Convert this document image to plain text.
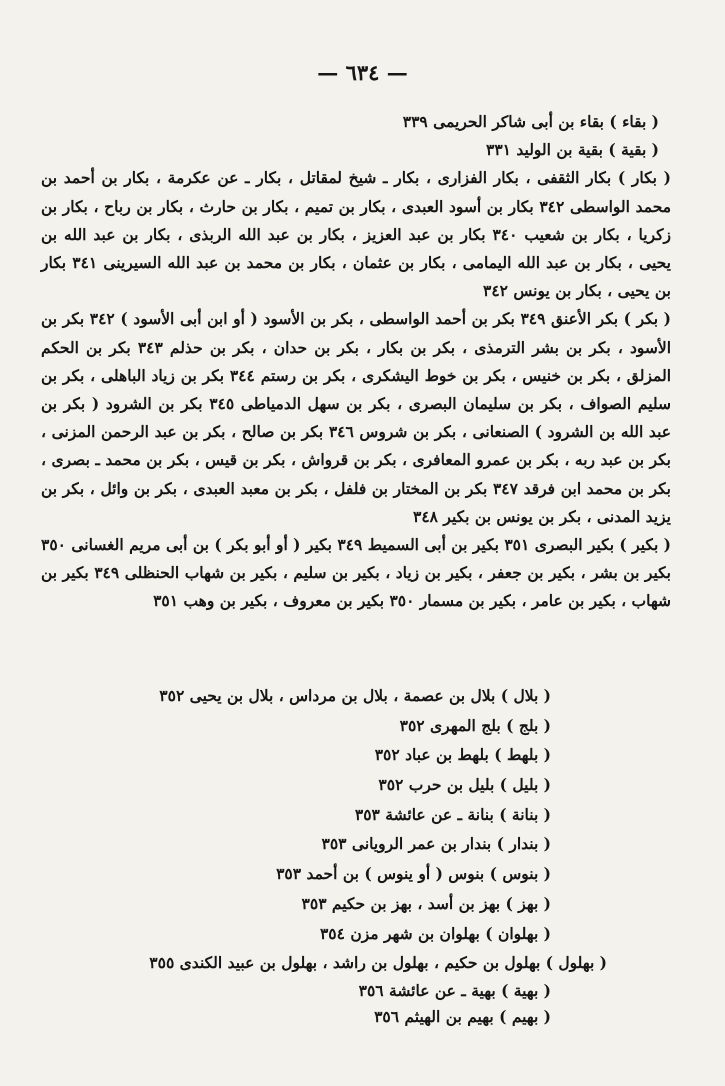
— ٦٣٤ —

( بقاء ) بقاء بن أبى شاكر الحريمى ٣٣٩

( بقية ) بقية بن الوليد ٣٣١

( بكار ) بكار الثقفى ، بكار الفزارى ، بكار ـ شيخ لمقاتل ، بكار ـ عن عكرمة ، بكار بن أحمد بن محمد الواسطى ٣٤٢ بكار بن أسود العبدى ، بكار بن تميم ، بكار بن حارث ، بكار بن رباح ، بكار بن زكريا ، بكار بن شعيب ٣٤٠ بكار بن عبد العزيز ، بكار بن عبد الله الربذى ، بكار بن عبد الله بن يحيى ، بكار بن عبد الله اليمامى ، بكار بن عثمان ، بكار بن محمد بن عبد الله السيرينى ٣٤١ بكار بن يحيى ، بكار بن يونس ٣٤٢

( بكر ) بكر الأعنق ٣٤٩ بكر بن أحمد الواسطى ، بكر بن الأسود ( أو ابن أبى الأسود ) ٣٤٢ بكر بن الأسود ، بكر بن بشر الترمذى ، بكر بن بكار ، بكر بن حدان ، بكر بن حذلم ٣٤٣ بكر بن الحكم المزلق ، بكر بن خنيس ، بكر بن خوط اليشكرى ، بكر بن رستم ٣٤٤ بكر بن زياد الباهلى ، بكر بن سليم الصواف ، بكر بن سليمان البصرى ، بكر بن سهل الدمياطى ٣٤٥ بكر بن الشرود ( بكر بن عبد الله بن الشرود ) الصنعانى ، بكر بن شروس ٣٤٦ بكر بن صالح ، بكر بن عبد الرحمن المزنى ، بكر بن عبد ربه ، بكر بن عمرو المعافرى ، بكر بن قرواش ، بكر بن قيس ، بكر بن محمد ـ بصرى ، بكر بن محمد ابن فرقد ٣٤٧ بكر بن المختار بن فلفل ، بكر بن معبد العبدى ، بكر بن وائل ، بكر بن يزيد المدنى ، بكر بن يونس بن بكير ٣٤٨

( بكير ) بكير البصرى ٣٥١ بكير بن أبى السميط ٣٤٩ بكير ( أو أبو بكر ) بن أبى مريم الغسانى ٣٥٠ بكير بن بشر ، بكير بن جعفر ، بكير بن زياد ، بكير بن سليم ، بكير بن شهاب الحنظلى ٣٤٩ بكير بن شهاب ، بكير بن عامر ، بكير بن مسمار ٣٥٠ بكير بن معروف ، بكير بن وهب ٣٥١

( بلال ) بلال بن عصمة ، بلال بن مرداس ، بلال بن يحيى ٣٥٢
( بلج ) بلج المهرى ٣٥٢
( بلهط ) بلهط بن عباد ٣٥٢
( بليل ) بليل بن حرب ٣٥٢
( بنانة ) بنانة ـ عن عائشة ٣٥٣
( بندار ) بندار بن عمر الرويانى ٣٥٣
( بنوس ) بنوس ( أو ينوس ) بن أحمد ٣٥٣
( بهز ) بهز بن أسد ، بهز بن حكيم ٣٥٣
( بهلوان ) بهلوان بن شهر مزن ٣٥٤
( بهلول ) بهلول بن حكيم ، بهلول بن راشد ، بهلول بن عبيد الكندى ٣٥٥
( بهية ) بهية ـ عن عائشة ٣٥٦
( بهيم ) بهيم بن الهيثم ٣٥٦
